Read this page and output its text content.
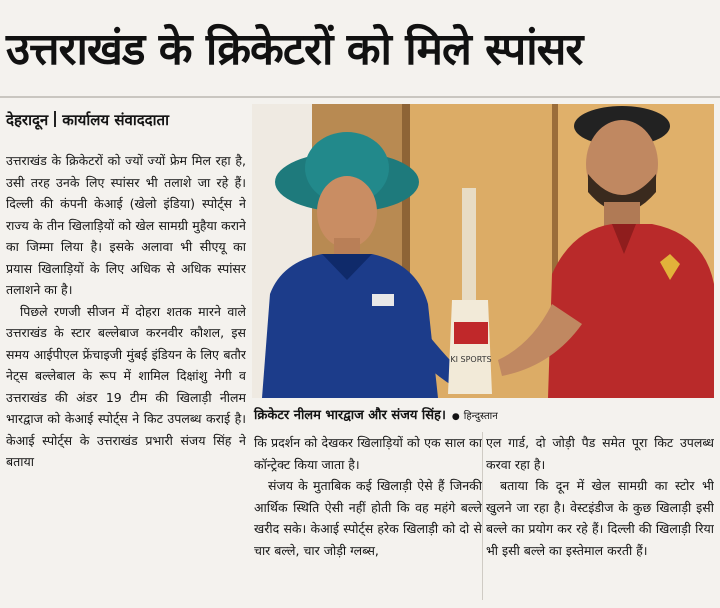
उत्तराखंड के क्रिकेटरों को मिले स्पांसर
देहरादून कार्यालय संवाददाता

उत्तराखंड के क्रिकेटरों को ज्यों ज्यों फ्रेम मिल रहा है, उसी तरह उनके लिए स्पांसर भी तलाशे जा रहे हैं। दिल्ली की कंपनी केआई (खेलो इंडिया) स्पोर्ट्स ने राज्य के तीन खिलाड़ियों को खेल सामग्री मुहैया कराने का जिम्मा लिया है। इसके अलावा भी सीएयू का प्रयास खिलाड़ियों के लिए अधिक से अधिक स्पांसर तलाशने का है।

पिछले रणजी सीजन में दोहरा शतक मारने वाले उत्तराखंड के स्टार बल्लेबाज करनवीर कौशल, इस समय आईपीएल फ्रेंचाइजी मुंबई इंडियन के लिए बतौर नेट्स बल्लेबाल के रूप में शामिल दिक्षांशु नेगी व उत्तराखंड की अंडर 19 टीम की खिलाड़ी नीलम भारद्वाज को केआई स्पोर्ट्स ने किट उपलब्ध कराई है। केआई स्पोर्ट्स के उत्तराखंड प्रभारी संजय सिंह ने बताया

KI SPORTS
क्रिकेटर नीलम भारद्वाज और संजय सिंह। ● हिन्दुस्तान

कि प्रदर्शन को देखकर खिलाड़ियों को एक साल का कॉन्ट्रेक्ट किया जाता है।

संजय के मुताबिक कई खिलाड़ी ऐसे हैं जिनकी आर्थिक स्थिति ऐसी नहीं होती कि वह महंगे बल्ले खरीद सके। केआई स्पोर्ट्स हरेक खिलाड़ी को दो से चार बल्ले, चार जोड़ी ग्लब्स,

एल गार्ड, दो जोड़ी पैड समेत पूरा किट उपलब्ध करवा रहा है।

बताया कि दून में खेल सामग्री का स्टोर भी खुलने जा रहा है। वेस्टइंडीज के कुछ खिलाड़ी इसी बल्ले का प्रयोग कर रहे हैं। दिल्ली की खिलाड़ी रिया भी इसी बल्ले का इस्तेमाल करती हैं।
